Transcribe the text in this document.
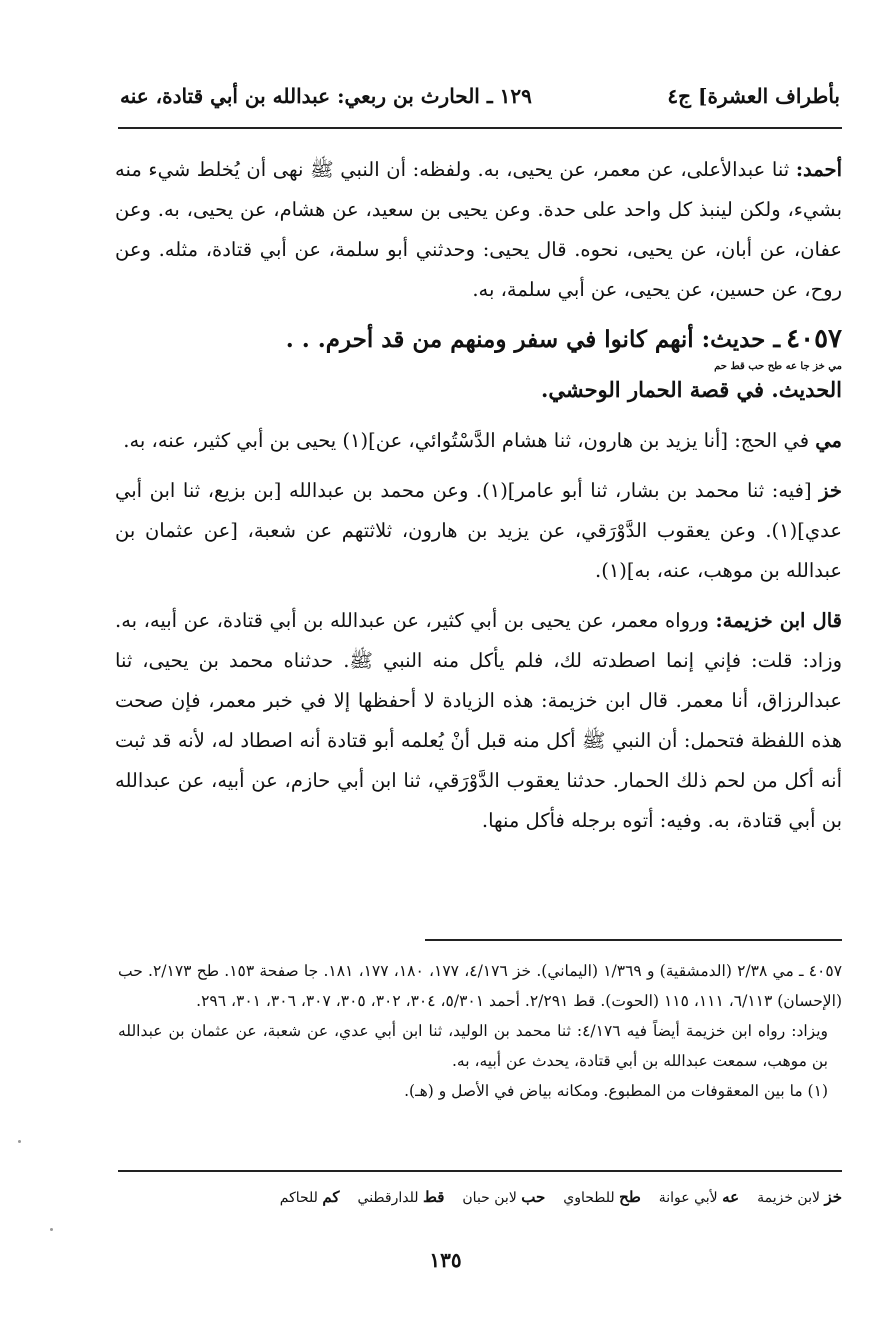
بأطراف العشرة] ج٤
١٢٩ ـ الحارث بن ربعي: عبدالله بن أبي قتادة، عنه

أحمد: ثنا عبدالأعلى، عن معمر، عن يحيى، به. ولفظه: أن النبي ﷺ نهى أن يُخلط شيء منه بشيء، ولكن لينبذ كل واحد على حدة. وعن يحيى بن سعيد، عن هشام، عن يحيى، به. وعن عفان، عن أبان، عن يحيى، نحوه. قال يحيى: وحدثني أبو سلمة، عن أبي قتادة، مثله. وعن روح، عن حسين، عن يحيى، عن أبي سلمة، به.

٤٠٥٧ـ حديث: أنهم كانوا في سفر ومنهم من قد أحرم. . .
مي خز جا عه طح حب قط حم
الحديث. في قصة الحمار الوحشي.

مي في الحج: [أنا يزيد بن هارون، ثنا هشام الدَّسْتُوائي، عن](١) يحيى بن أبي كثير، عنه، به.

خز [فيه: ثنا محمد بن بشار، ثنا أبو عامر](١). وعن محمد بن عبدالله [بن بزيع، ثنا ابن أبي عدي](١). وعن يعقوب الدَّوْرَقي، عن يزيد بن هارون، ثلاثتهم عن شعبة، [عن عثمان بن عبدالله بن موهب، عنه، به](١).

قال ابن خزيمة: ورواه معمر، عن يحيى بن أبي كثير، عن عبدالله بن أبي قتادة، عن أبيه، به. وزاد: قلت: فإني إنما اصطدته لك، فلم يأكل منه النبي ﷺ. حدثناه محمد بن يحيى، ثنا عبدالرزاق، أنا معمر. قال ابن خزيمة: هذه الزيادة لا أحفظها إلا في خبر معمر، فإن صحت هذه اللفظة فتحمل: أن النبي ﷺ أكل منه قبل أنْ يُعلمه أبو قتادة أنه اصطاد له، لأنه قد ثبت أنه أكل من لحم ذلك الحمار. حدثنا يعقوب الدَّوْرَقي، ثنا ابن أبي حازم، عن أبيه، عن عبدالله بن أبي قتادة، به. وفيه: أتوه برجله فأكل منها.

٤٠٥٧ ـ مي ٢/٣٨ (الدمشقية) و ١/٣٦٩ (اليماني). خز ٤/١٧٦، ١٧٧، ١٨٠، ١٧٧، ١٨١. جا صفحة ١٥٣. طح ٢/١٧٣. حب (الإحسان) ٦/١١٣، ١١١، ١١٥ (الحوت). قط ٢/٢٩١. أحمد ٥/٣٠١، ٣٠٤، ٣٠٢، ٣٠٥، ٣٠٧، ٣٠٦، ٣٠١، ٢٩٦.

ويزاد: رواه ابن خزيمة أيضاً فيه ٤/١٧٦: ثنا محمد بن الوليد، ثنا ابن أبي عدي، عن شعبة، عن عثمان بن عبدالله بن موهب، سمعت عبدالله بن أبي قتادة، يحدث عن أبيه، به.

(١) ما بين المعقوفات من المطبوع. ومكانه بياض في الأصل و (هـ).

خز لابن خزيمة
عه لأبي عوانة
طح للطحاوي
حب لابن حبان
قط للدارقطني
كم للحاكم
١٣٥
